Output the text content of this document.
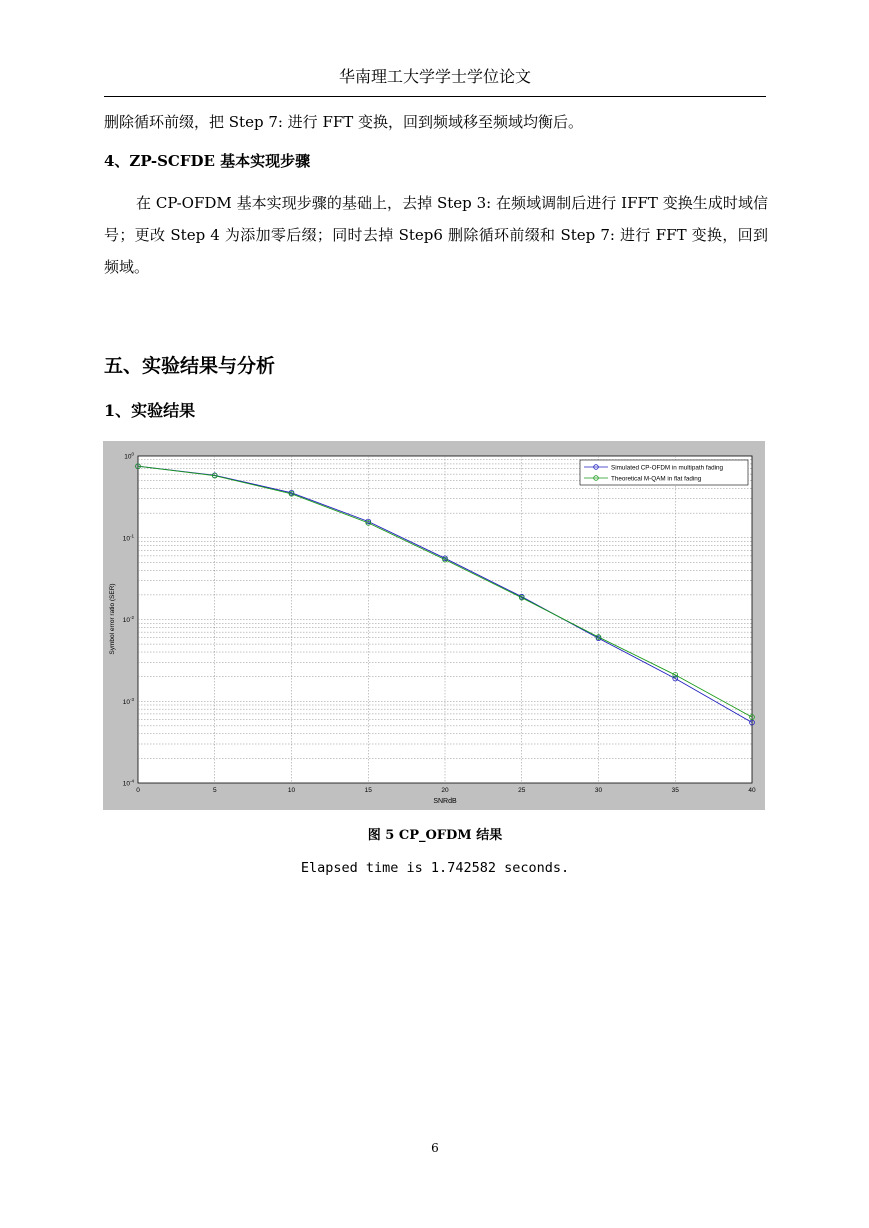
华南理工大学学士学位论文

删除循环前缀，把 Step 7: 进行 FFT 变换，回到频域移至频域均衡后。

4、ZP-SCFDE 基本实现步骤

在 CP-OFDM 基本实现步骤的基础上，去掉 Step 3: 在频域调制后进行 IFFT 变换生成时域信号；更改 Step 4 为添加零后缀；同时去掉 Step6 删除循环前缀和 Step 7: 进行 FFT 变换，回到频域。

五、实验结果与分析
1、实验结果
0	5	10	15	20	25	30	35	40
$10^0$
$10^{-1}$
$10^{-2}$
$10^{-3}$
$10^{-4}$
SNRdB
Symbol error ratio (SER)
Simulated CP-OFDM in multipath fading
Theoretical M-QAM in flat fading
图 5 CP_OFDM 结果
Elapsed time is 1.742582 seconds.
6
